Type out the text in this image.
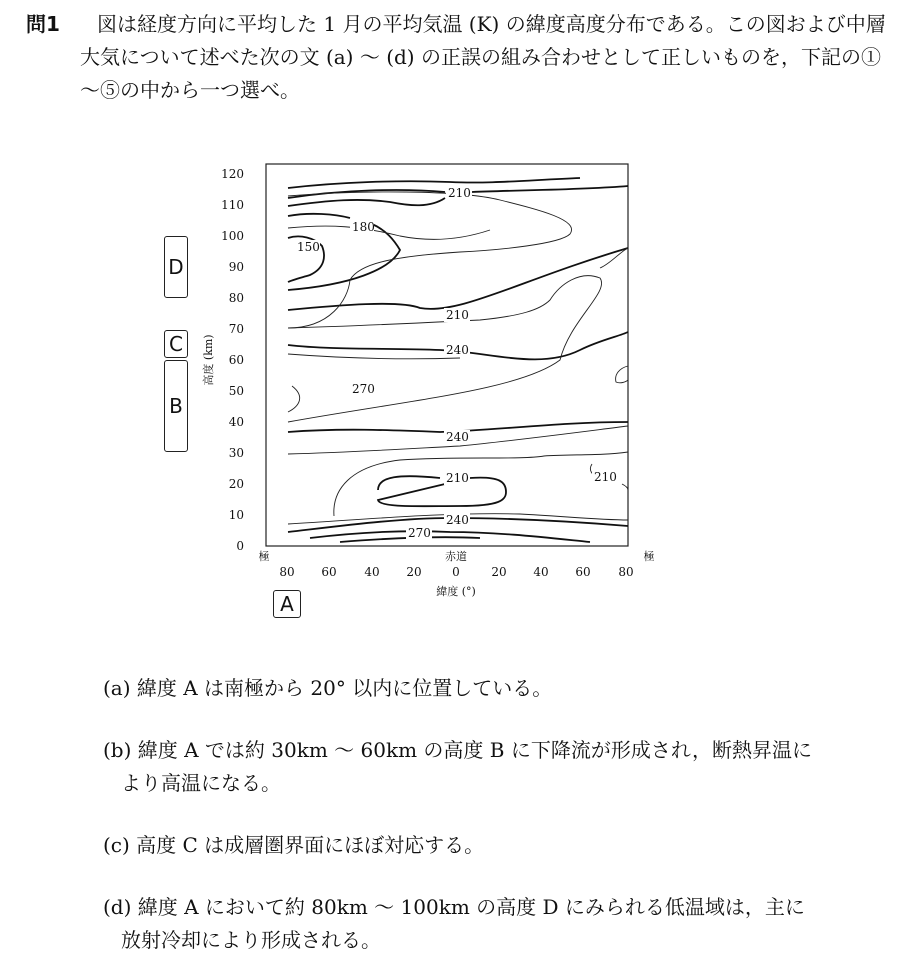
問1	図は経度方向に平均した 1 月の平均気温 (K) の緯度高度分布である。この図および中層大気について述べた次の文 (a) ～ (d) の正誤の組み合わせとして正しいものを，下記の①～⑤の中から一つ選べ。
120
110
100
90
80
70
60
50
40
30
20
10
0
80 60 40 20	0	20 40 60 80
極	赤道	極
緯度 (°)
高度 (km)
210
180
150
210
240
270
240
210	210
240
270
D
C
B
A
(a) 緯度 A は南極から 20° 以内に位置している。
(b) 緯度 A では約 30km ～ 60km の高度 B に下降流が形成され，断熱昇温に
より高温になる。
(c) 高度 C は成層圏界面にほぼ対応する。
(d) 緯度 A において約 80km ～ 100km の高度 D にみられる低温域は，主に
放射冷却により形成される。
